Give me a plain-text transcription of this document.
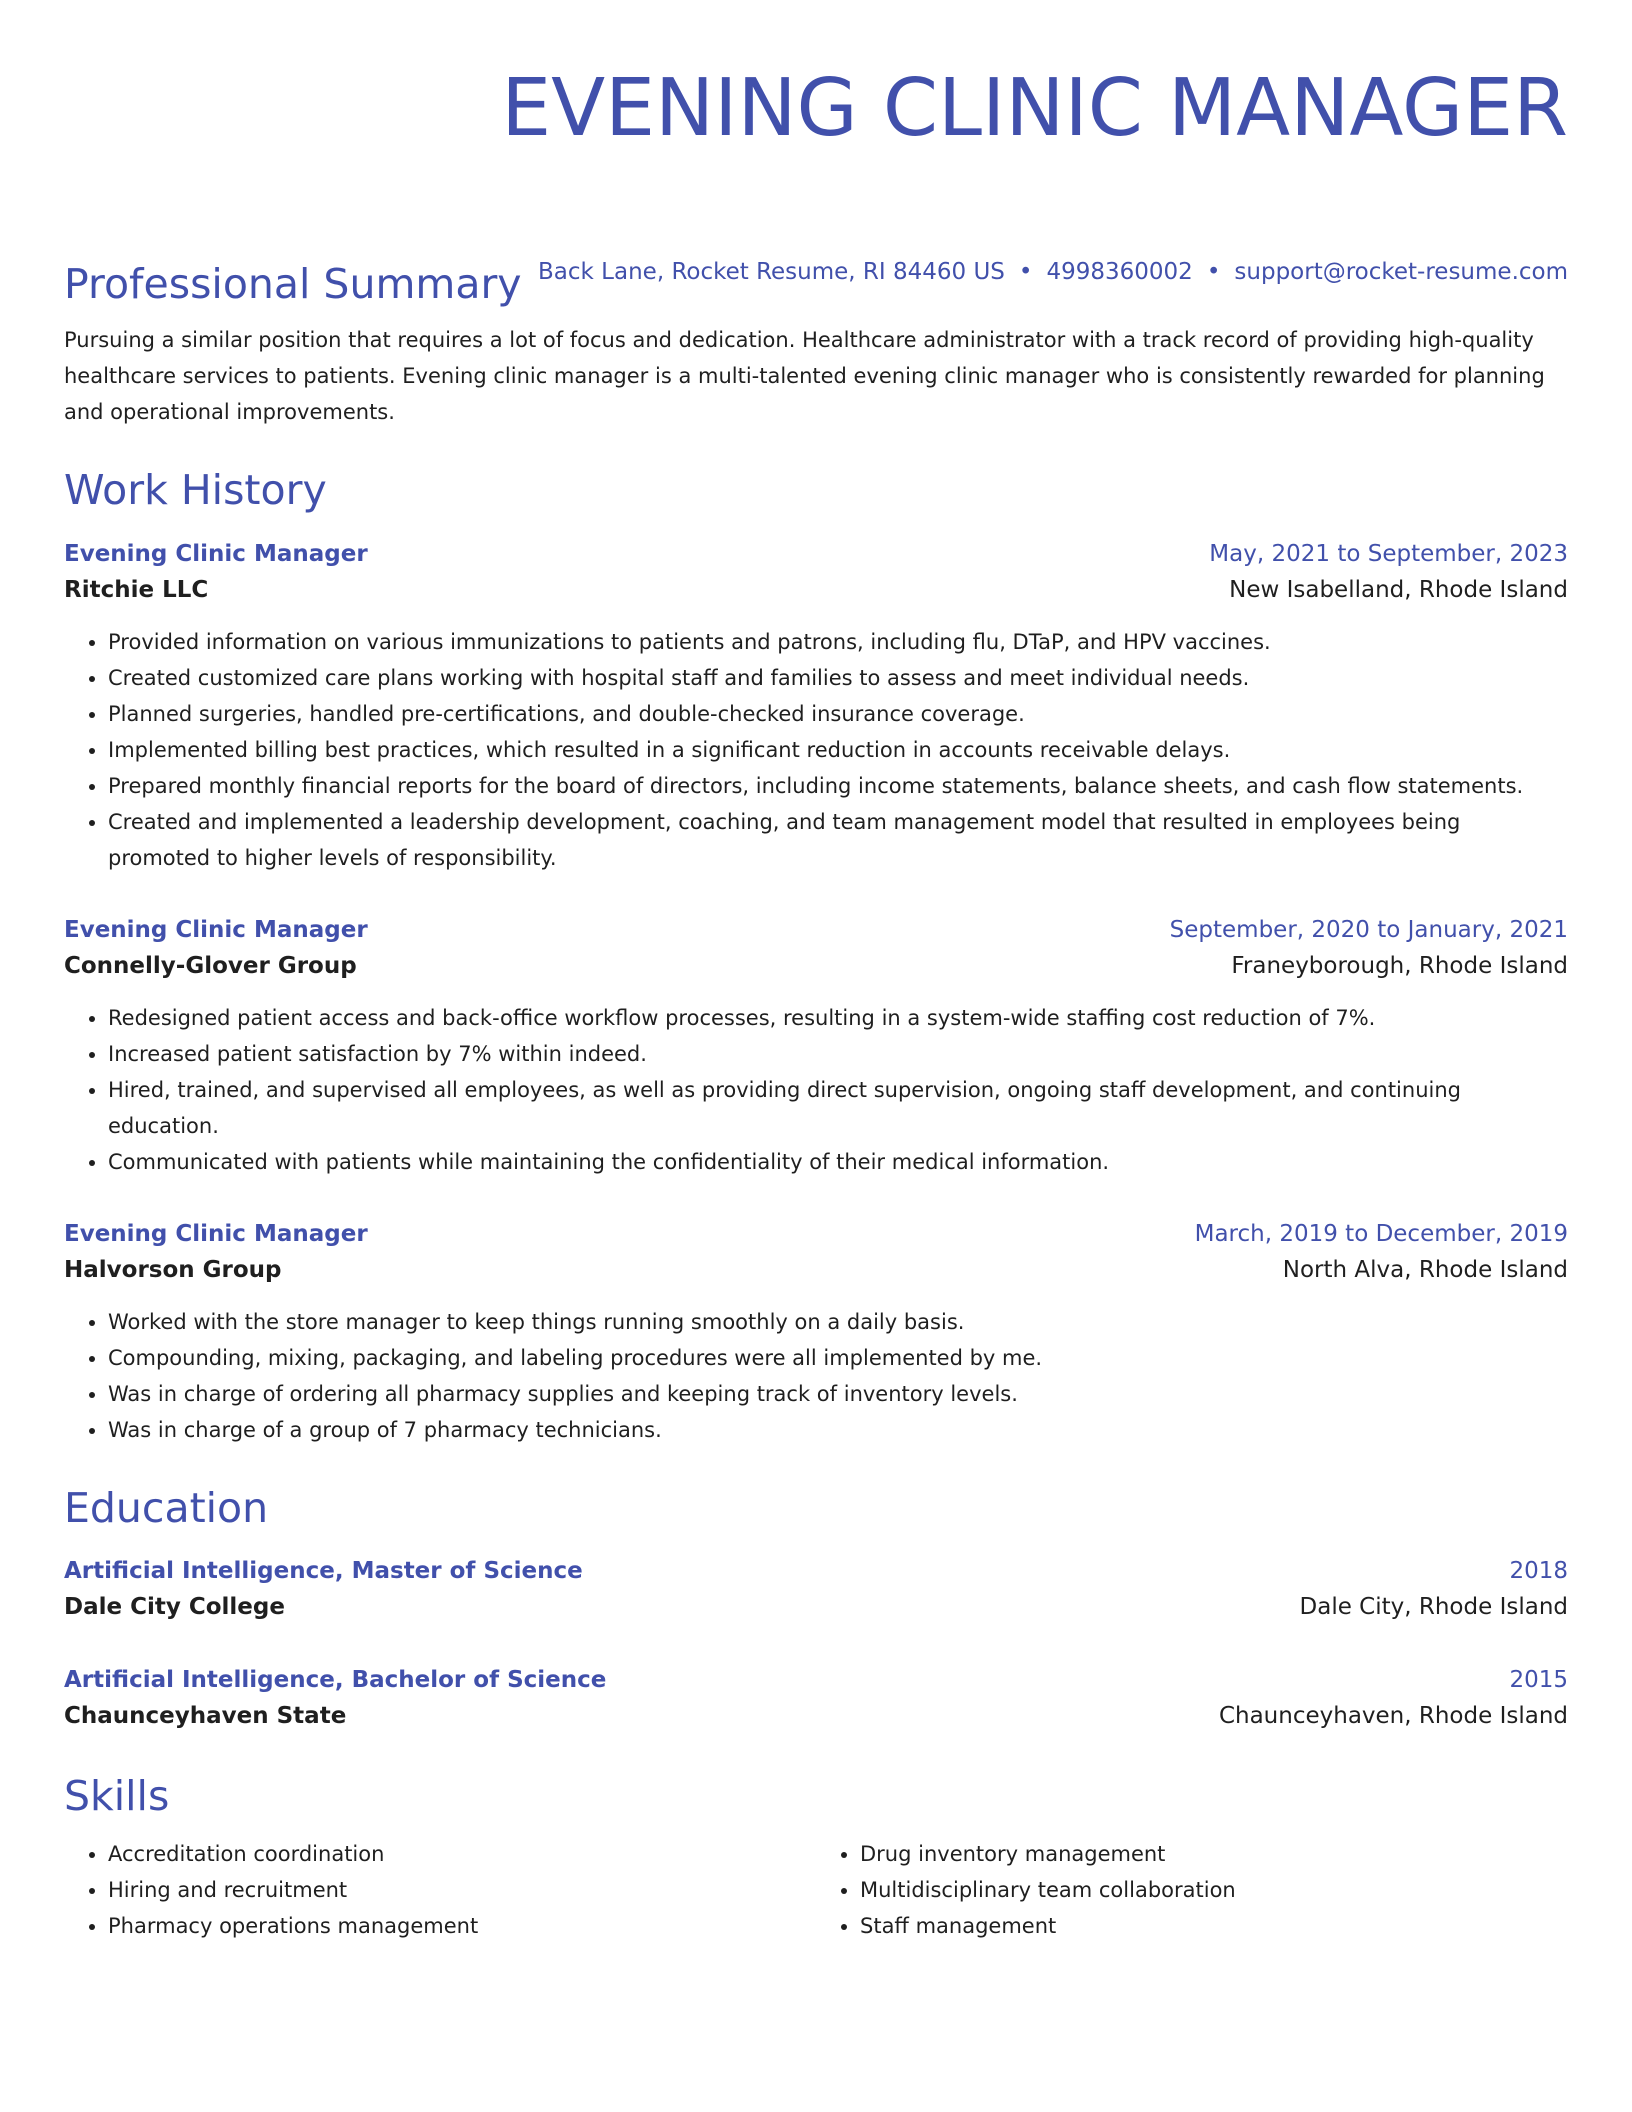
EVENING CLINIC MANAGER
Back Lane, Rocket Resume, RI 84460 US • 4998360002 • support@rocket-resume.com
Professional Summary

Pursuing a similar position that requires a lot of focus and dedication. Healthcare administrator with a track record of providing high-quality healthcare services to patients. Evening clinic manager is a multi-talented evening clinic manager who is consistently rewarded for planning and operational improvements.

Work History
Evening Clinic Manager	May, 2021 to September, 2023
Ritchie LLC	New Isabelland, Rhode Island
• Provided information on various immunizations to patients and patrons, including flu, DTaP, and HPV vaccines.
• Created customized care plans working with hospital staff and families to assess and meet individual needs.
• Planned surgeries, handled pre-certifications, and double-checked insurance coverage.
• Implemented billing best practices, which resulted in a significant reduction in accounts receivable delays.
• Prepared monthly financial reports for the board of directors, including income statements, balance sheets, and cash flow statements.
• Created and implemented a leadership development, coaching, and team management model that resulted in employees being promoted to higher levels of responsibility.
Evening Clinic Manager	September, 2020 to January, 2021
Connelly-Glover Group	Franeyborough, Rhode Island
• Redesigned patient access and back-office workflow processes, resulting in a system-wide staffing cost reduction of 7%.
• Increased patient satisfaction by 7% within indeed.
• Hired, trained, and supervised all employees, as well as providing direct supervision, ongoing staff development, and continuing education.
• Communicated with patients while maintaining the confidentiality of their medical information.
Evening Clinic Manager	March, 2019 to December, 2019
Halvorson Group	North Alva, Rhode Island
• Worked with the store manager to keep things running smoothly on a daily basis.
• Compounding, mixing, packaging, and labeling procedures were all implemented by me.
• Was in charge of ordering all pharmacy supplies and keeping track of inventory levels.
• Was in charge of a group of 7 pharmacy technicians.
Education
Artificial Intelligence, Master of Science	2018
Dale City College	Dale City, Rhode Island
Artificial Intelligence, Bachelor of Science	2015
Chaunceyhaven State	Chaunceyhaven, Rhode Island
Skills
• Accreditation coordination
• Hiring and recruitment
• Pharmacy operations management
• Drug inventory management
• Multidisciplinary team collaboration
• Staff management
